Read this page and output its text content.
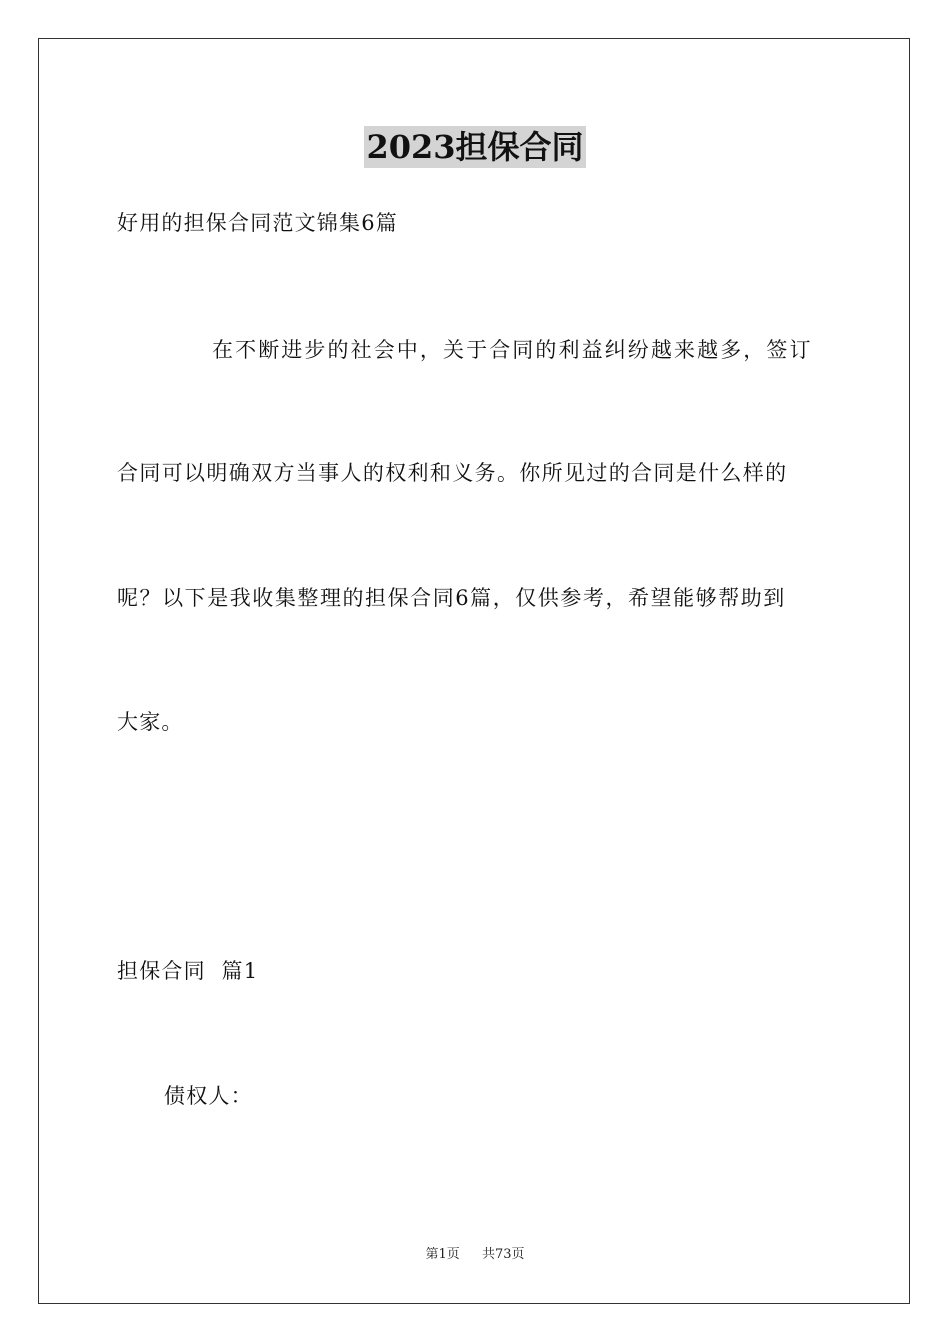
2023担保合同
好用的担保合同范文锦集6篇
在不断进步的社会中，关于合同的利益纠纷越来越多，签订
合同可以明确双方当事人的权利和义务。你所见过的合同是什么样的
呢？以下是我收集整理的担保合同6篇，仅供参考，希望能够帮助到
大家。
担保合同  篇1
债权人：
第1页 共73页
